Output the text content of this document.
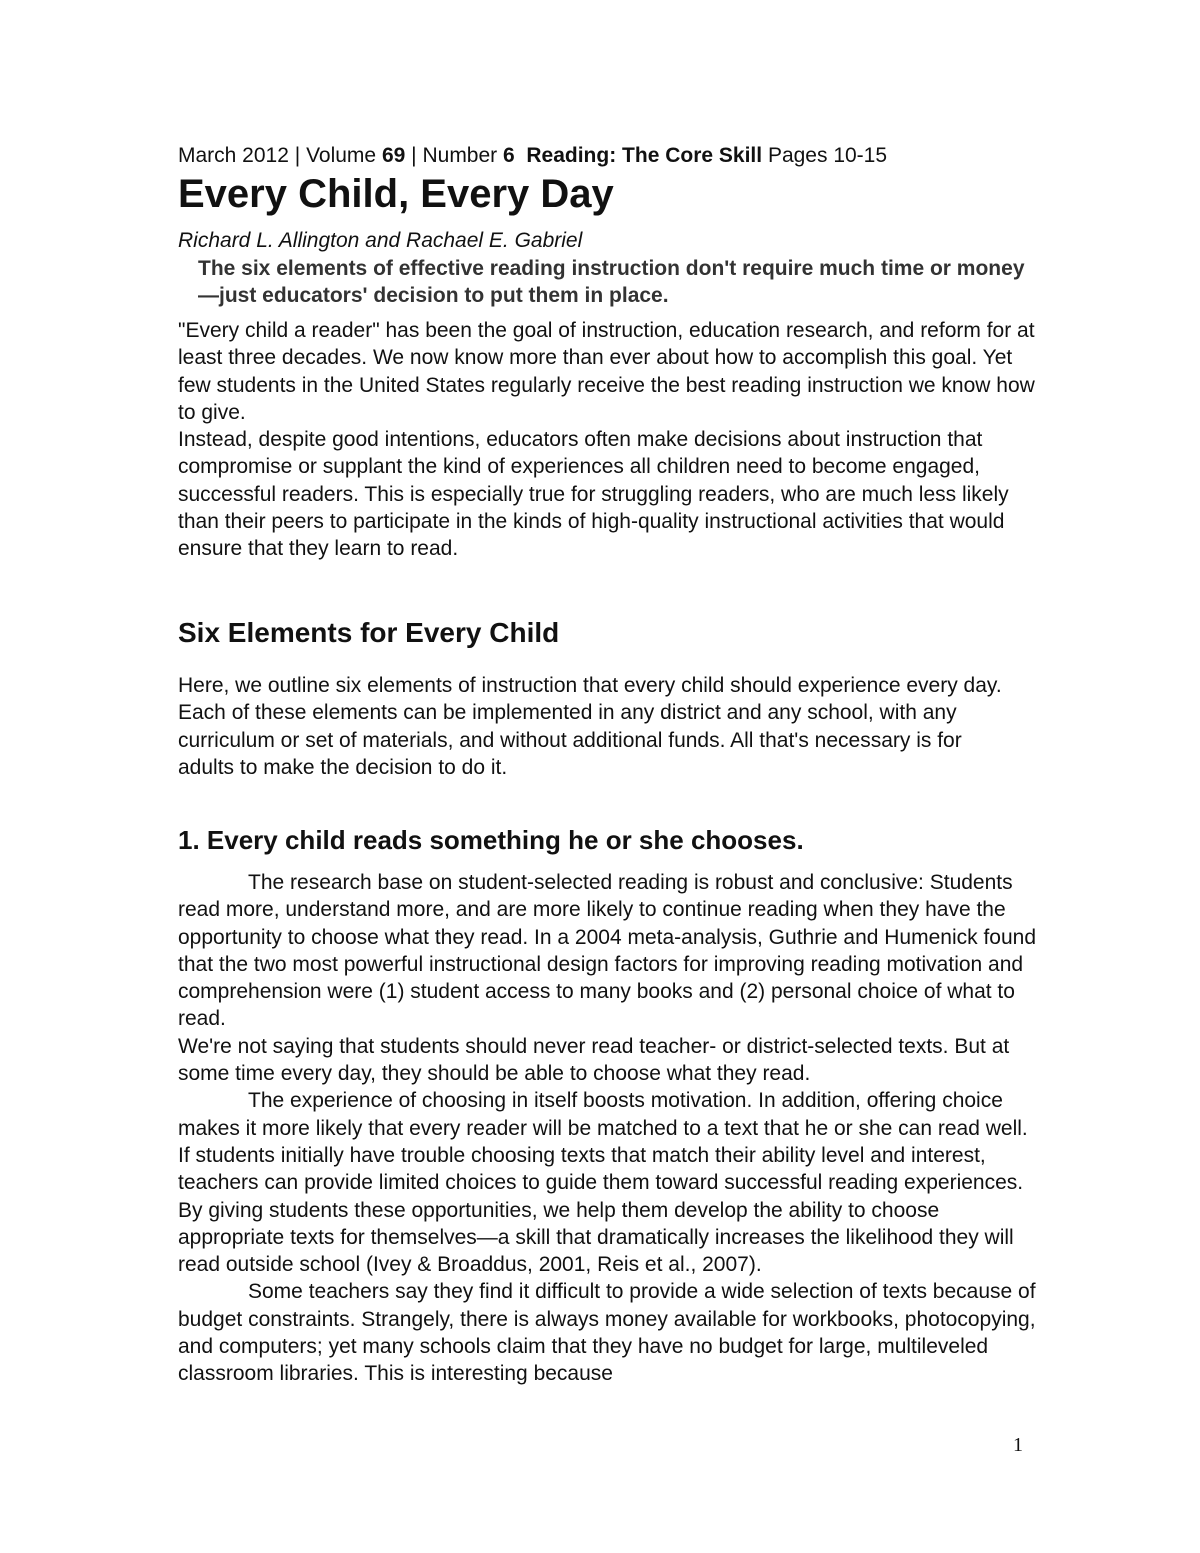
March 2012 | Volume 69 | Number 6 Reading: The Core Skill Pages 10-15
Every Child, Every Day
Richard L. Allington and Rachael E. Gabriel
The six elements of effective reading instruction don't require much time or money—just educators' decision to put them in place.

"Every child a reader" has been the goal of instruction, education research, and reform for at least three decades. We now know more than ever about how to accomplish this goal. Yet few students in the United States regularly receive the best reading instruction we know how to give.

Instead, despite good intentions, educators often make decisions about instruction that compromise or supplant the kind of experiences all children need to become engaged, successful readers. This is especially true for struggling readers, who are much less likely than their peers to participate in the kinds of high-quality instructional activities that would ensure that they learn to read.

Six Elements for Every Child

Here, we outline six elements of instruction that every child should experience every day. Each of these elements can be implemented in any district and any school, with any curriculum or set of materials, and without additional funds. All that's necessary is for adults to make the decision to do it.

1. Every child reads something he or she chooses.

The research base on student-selected reading is robust and conclusive: Students read more, understand more, and are more likely to continue reading when they have the opportunity to choose what they read. In a 2004 meta-analysis, Guthrie and Humenick found that the two most powerful instructional design factors for improving reading motivation and comprehension were (1) student access to many books and (2) personal choice of what to read.

We're not saying that students should never read teacher- or district-selected texts. But at some time every day, they should be able to choose what they read.

The experience of choosing in itself boosts motivation. In addition, offering choice makes it more likely that every reader will be matched to a text that he or she can read well. If students initially have trouble choosing texts that match their ability level and interest, teachers can provide limited choices to guide them toward successful reading experiences. By giving students these opportunities, we help them develop the ability to choose appropriate texts for themselves—a skill that dramatically increases the likelihood they will read outside school (Ivey & Broaddus, 2001, Reis et al., 2007).

Some teachers say they find it difficult to provide a wide selection of texts because of budget constraints. Strangely, there is always money available for workbooks, photocopying, and computers; yet many schools claim that they have no budget for large, multileveled classroom libraries. This is interesting because

1
